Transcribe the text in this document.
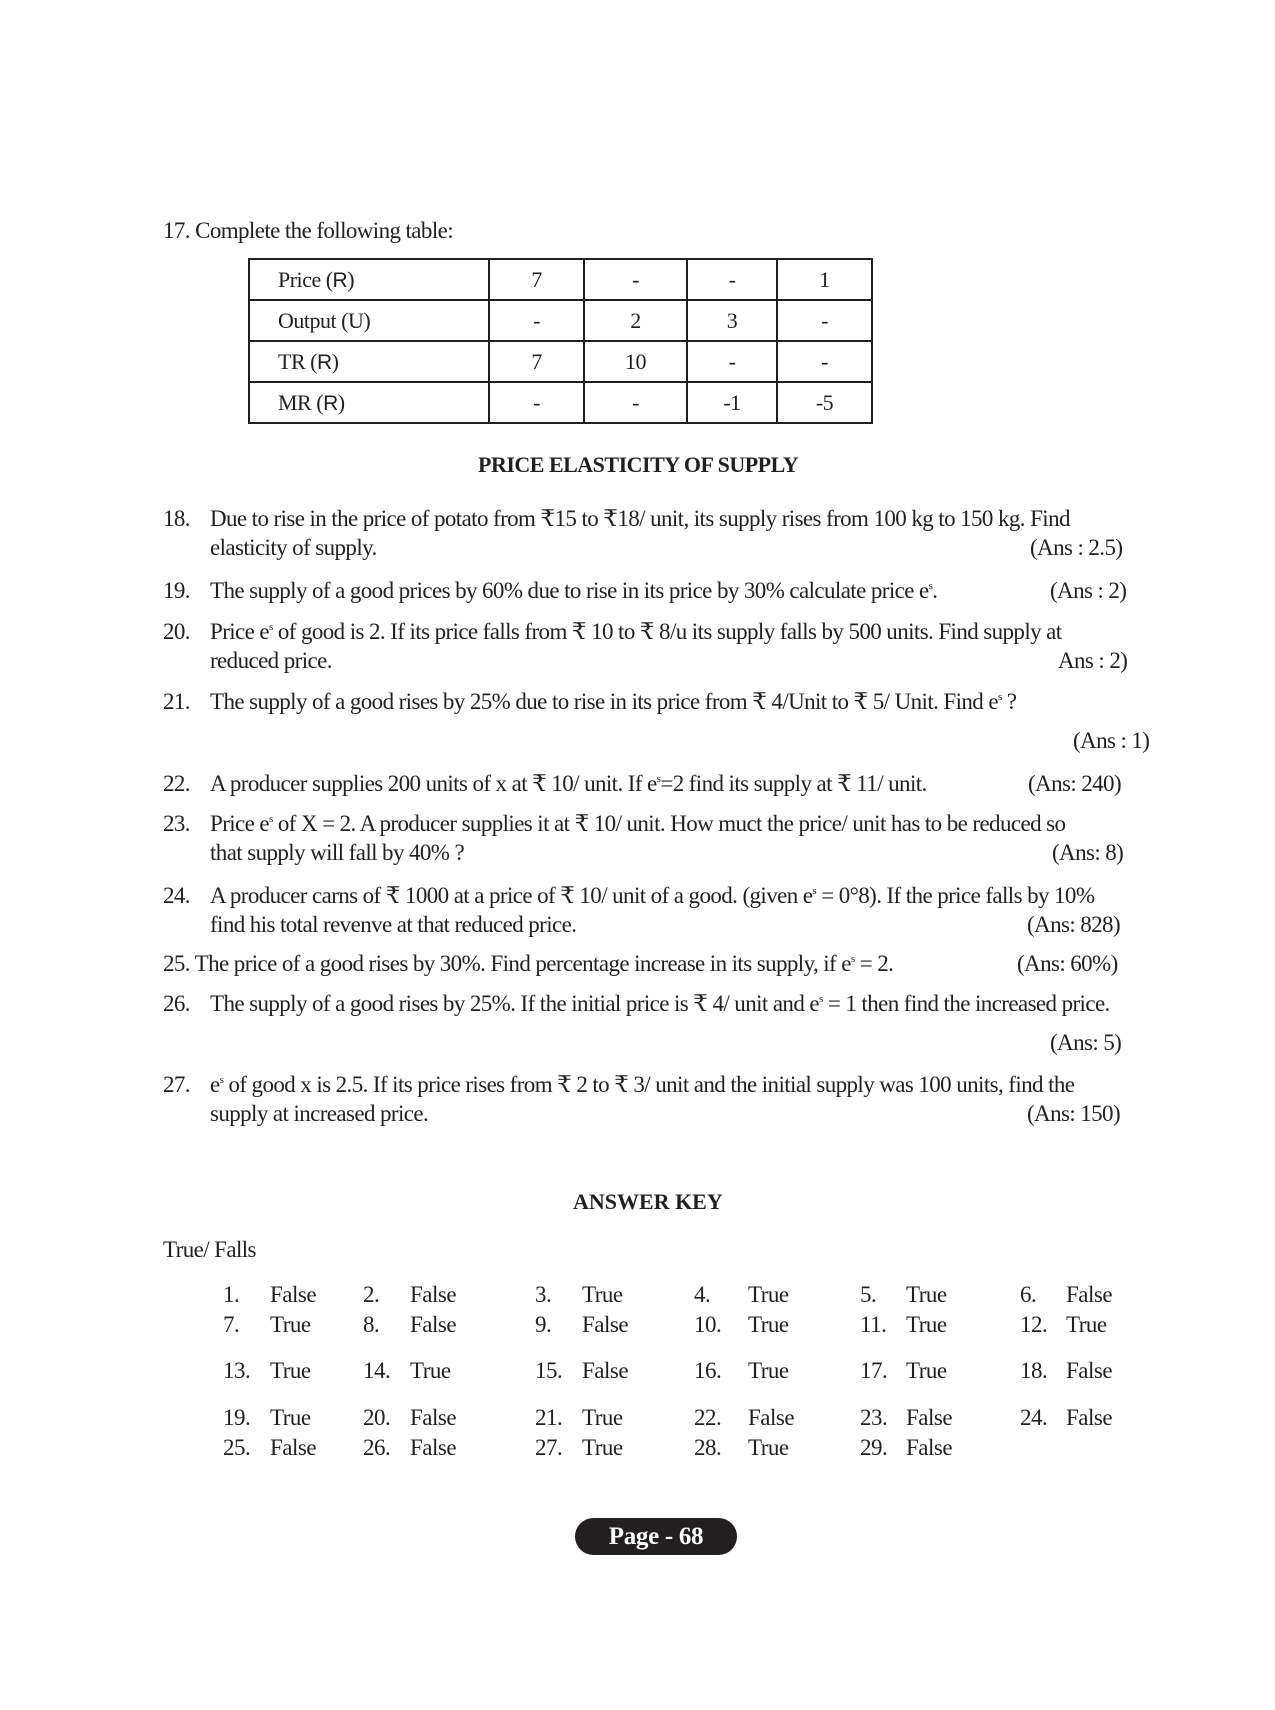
17. Complete the following table:
Price (R)	7	-	-	1
Output (U)	-	2	3	-
TR (R)	7	10	-	-
MR (R)	-	-	-1	-5
PRICE ELASTICITY OF SUPPLY
18. Due to rise in the price of potato from ₹15 to ₹18/ unit, its supply rises from 100 kg to 150 kg. Find
elasticity of supply.	(Ans : 2.5)
19. The supply of a good prices by 60% due to rise in its price by 30% calculate price $e^s$.	(Ans : 2)
20. Price $e^s$ of good is 2. If its price falls from ₹ 10 to ₹ 8/u its supply falls by 500 units. Find supply at
reduced price.	Ans : 2)
21. The supply of a good rises by 25% due to rise in its price from ₹ 4/Unit to ₹ 5/ Unit. Find $e^s$ ?
(Ans : 1)
22. A producer supplies 200 units of x at ₹ 10/ unit. If $e^s=2$ find its supply at ₹ 11/ unit.	(Ans: 240)
23. Price $e^s$ of X = 2. A producer supplies it at ₹ 10/ unit. How muct the price/ unit has to be reduced so
that supply will fall by 40% ?	(Ans: 8)
24. A producer carns of ₹ 1000 at a price of ₹ 10/ unit of a good. (given $e^s = 0^\circ 8$). If the price falls by 10%
find his total revenve at that reduced price.	(Ans: 828)
25. The price of a good rises by 30%. Find percentage increase in its supply, if $e^s = 2$.	(Ans: 60%)
26. The supply of a good rises by 25%. If the initial price is ₹ 4/ unit and $e^s = 1$ then find the increased price.
(Ans: 5)
27. $e^s$ of good x is 2.5. If its price rises from ₹ 2 to ₹ 3/ unit and the initial supply was 100 units, find the
supply at increased price.	(Ans: 150)
ANSWER KEY
True/ Falls
1. False 2. False	3. True	4. True	5. True	6. False
7. True 8. False	9. False	10. True	11. True	12. True
13. True 14. True	15. False	16. True	17. True	18. False
19. True 20. False	21. True	22. False	23. False	24. False
25. False 26. False	27. True	28. True	29. False
Page - 68
